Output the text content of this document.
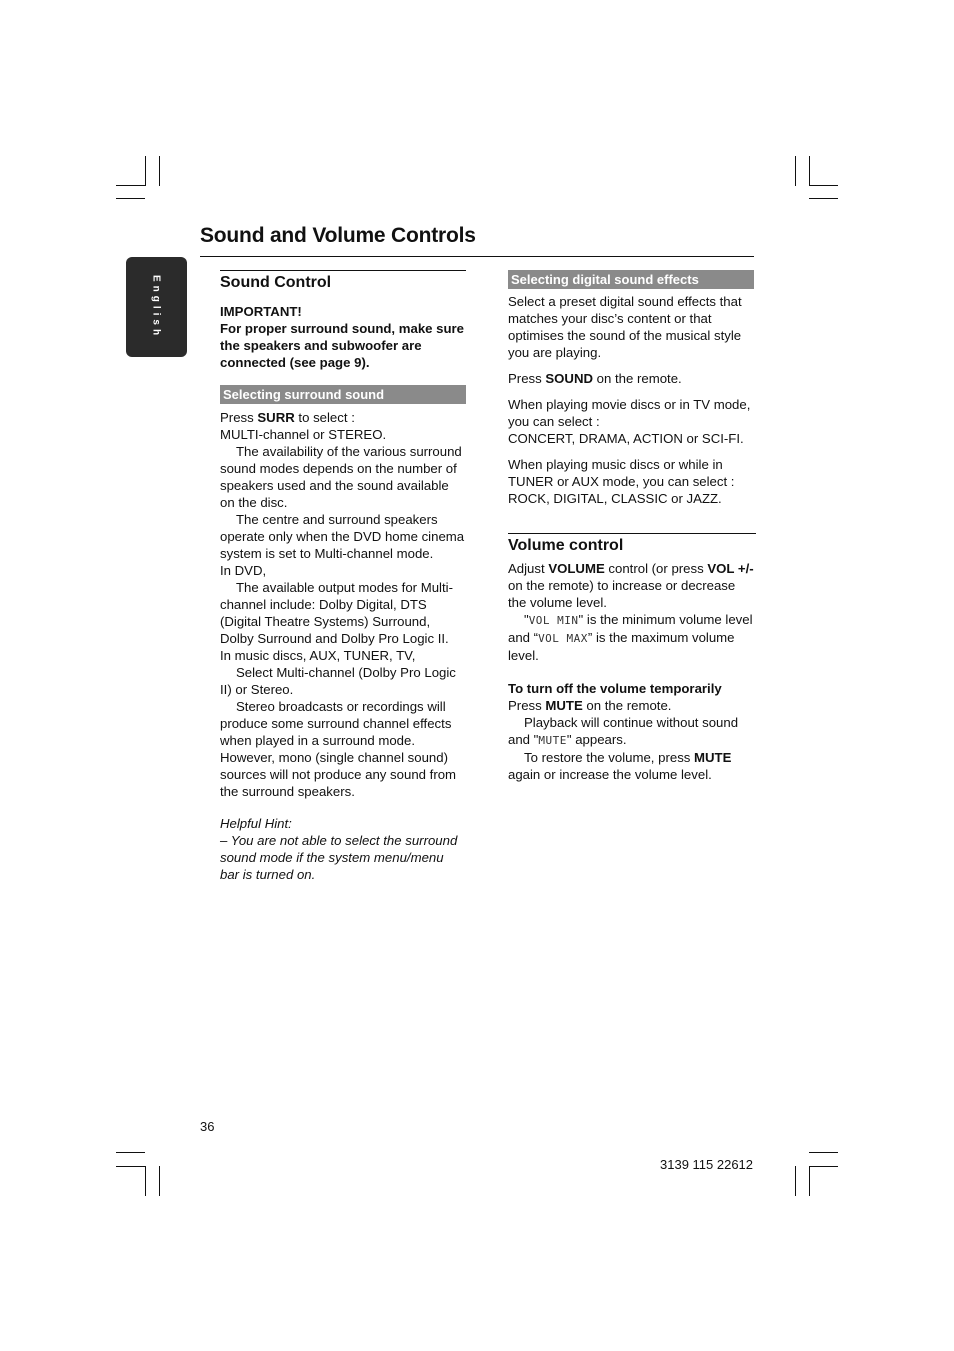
English
Sound and Volume Controls
Sound Control

IMPORTANT!

For proper surround sound, make sure the speakers and subwoofer are connected (see page 9).

Selecting surround sound

Press SURR to select :

MULTI-channel or STEREO.

The availability of the various surround sound modes depends on the number of speakers used and the sound available on the disc.

The centre and surround speakers operate only when the DVD home cinema system is set to Multi-channel mode.

In DVD,

The available output modes for Multi-channel include: Dolby Digital, DTS (Digital Theatre Systems) Surround, Dolby Surround and Dolby Pro Logic II.

In music discs, AUX, TUNER, TV,

Select Multi-channel (Dolby Pro Logic II) or Stereo.

Stereo broadcasts or recordings will produce some surround channel effects when played in a surround mode. However, mono (single channel sound) sources will not produce any sound from the surround speakers.

Helpful Hint:

– You are not able to select the surround sound mode if the system menu/menu bar is turned on.

Selecting digital sound effects

Select a preset digital sound effects that matches your disc’s content or that optimises the sound of the musical style you are playing.

Press SOUND on the remote.

When playing movie discs or in TV mode, you can select :

CONCERT, DRAMA, ACTION or SCI-FI.

When playing music discs or while in TUNER or AUX mode, you can select :

ROCK, DIGITAL, CLASSIC or JAZZ.

Volume control

Adjust VOLUME control (or press VOL +/- on the remote) to increase or decrease the volume level.

"VOL MIN" is the minimum volume level and “VOL MAX” is the maximum volume level.

To turn off the volume temporarily

Press MUTE on the remote.

Playback will continue without sound and "MUTE" appears.

To restore the volume, press MUTE again or increase the volume level.

36
3139 115 22612
